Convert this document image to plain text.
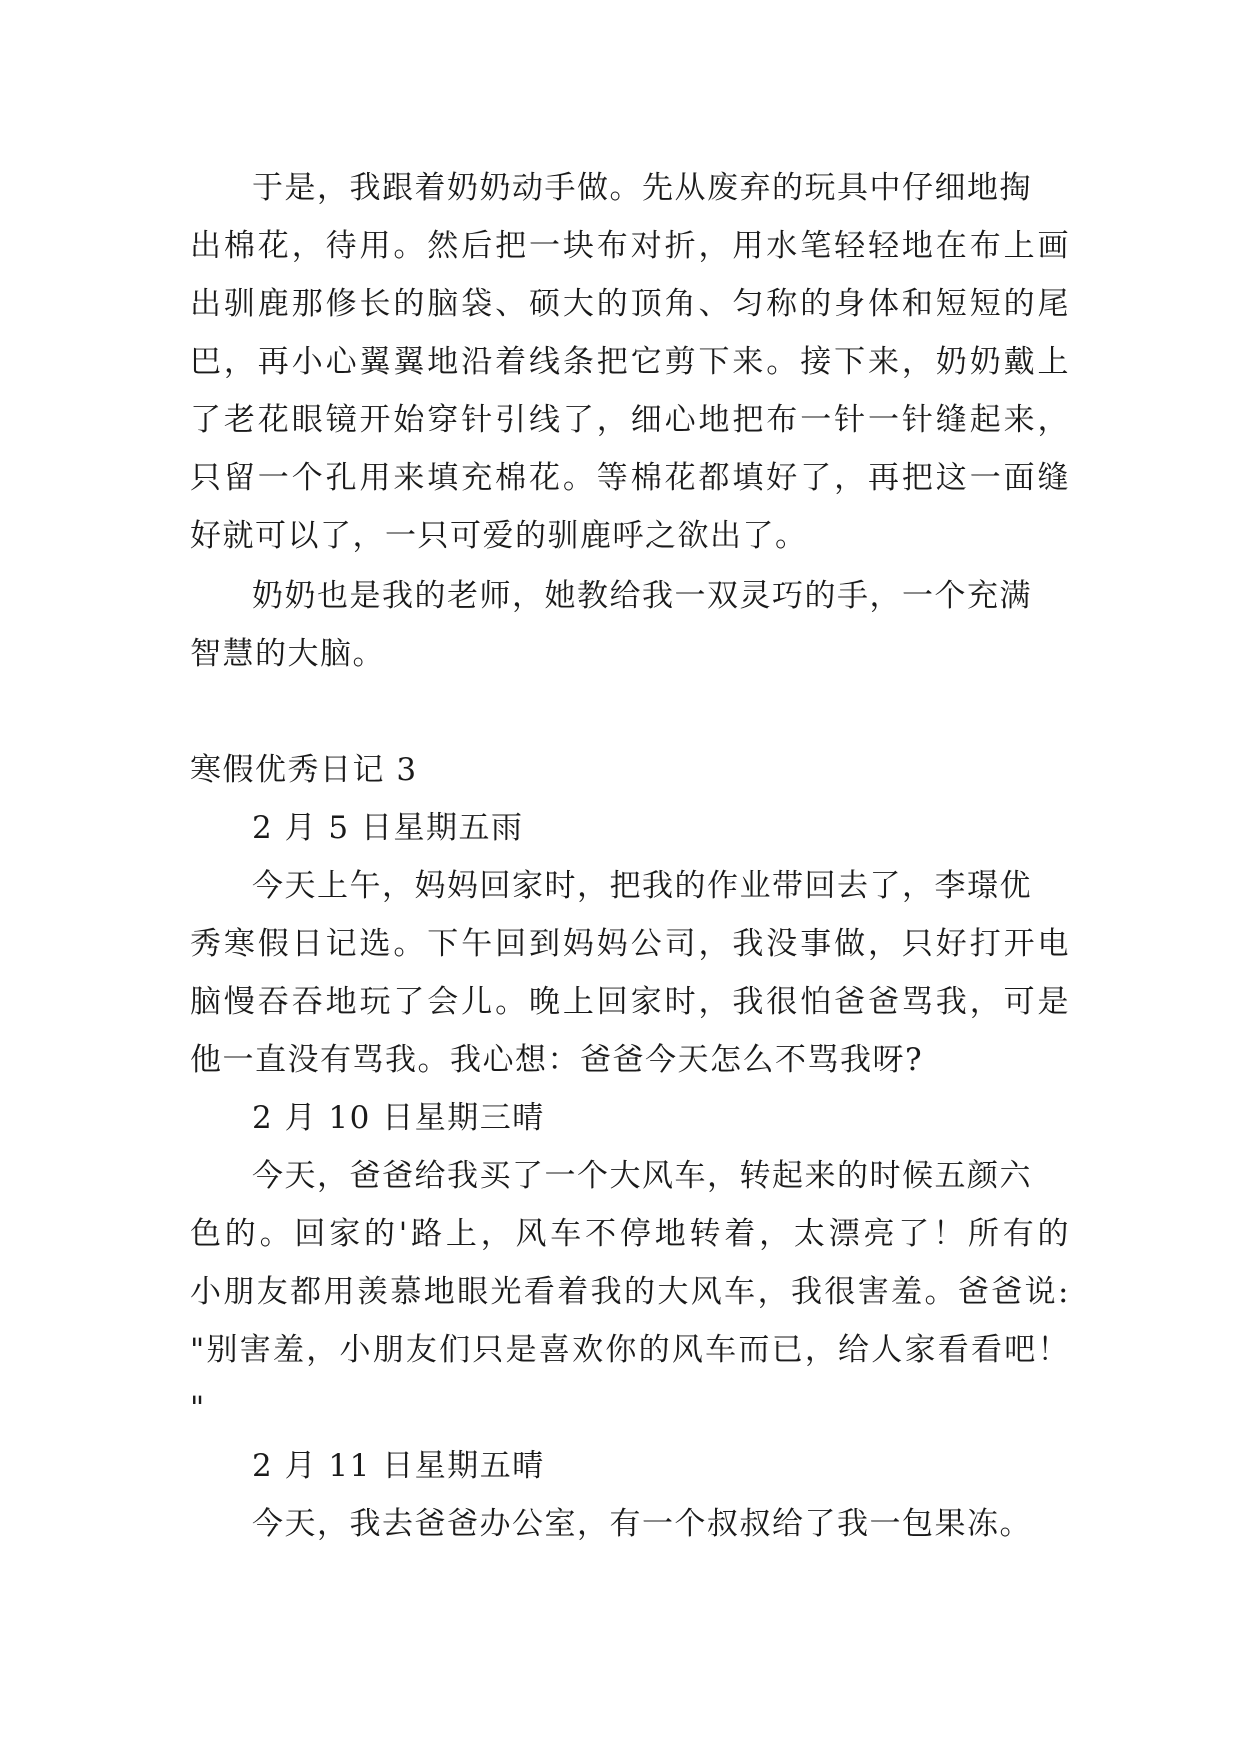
于是，我跟着奶奶动手做。先从废弃的玩具中仔细地掏
出棉花，待用。然后把一块布对折，用水笔轻轻地在布上画
出驯鹿那修长的脑袋、硕大的顶角、匀称的身体和短短的尾
巴，再小心翼翼地沿着线条把它剪下来。接下来，奶奶戴上
了老花眼镜开始穿针引线了，细心地把布一针一针缝起来，
只留一个孔用来填充棉花。等棉花都填好了，再把这一面缝
好就可以了，一只可爱的驯鹿呼之欲出了。
奶奶也是我的老师，她教给我一双灵巧的手，一个充满
智慧的大脑。
寒假优秀日记 3
2 月 5 日星期五雨
今天上午，妈妈回家时，把我的作业带回去了，李璟优
秀寒假日记选。下午回到妈妈公司，我没事做，只好打开电
脑慢吞吞地玩了会儿。晚上回家时，我很怕爸爸骂我，可是
他一直没有骂我。我心想：爸爸今天怎么不骂我呀?
2 月 10 日星期三晴
今天，爸爸给我买了一个大风车，转起来的时候五颜六
色的。回家的'路上，风车不停地转着，太漂亮了！所有的
小朋友都用羡慕地眼光看着我的大风车，我很害羞。爸爸说:
"别害羞，小朋友们只是喜欢你的风车而已，给人家看看吧！
"
2 月 11 日星期五晴
今天，我去爸爸办公室，有一个叔叔给了我一包果冻。
